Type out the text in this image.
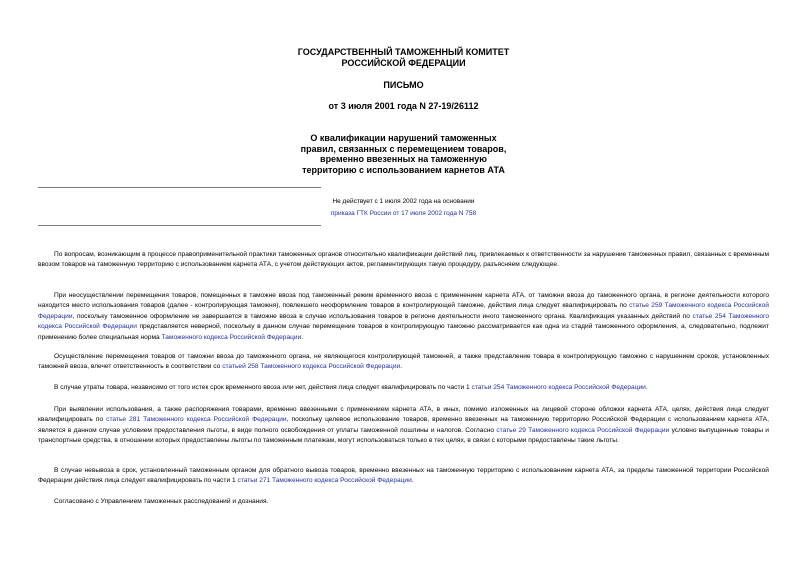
ГОСУДАРСТВЕННЫЙ ТАМОЖЕННЫЙ КОМИТЕТ
РОССИЙСКОЙ ФЕДЕРАЦИИ
ПИСЬМО
от 3 июля 2001 года N 27-19/26112
О квалификации нарушений таможенных
правил, связанных с перемещением товаров,
временно ввезенных на таможенную
территорию с использованием карнетов АТА
Не действует с 1 июля 2002 года на основании
приказа ГТК России от 17 июля 2002 года N 758
По вопросам, возникающим в процессе правоприменительной практики таможенных органов относительно квалификации действий лиц, привлекаемых к ответственности за нарушение таможенных правил, связанных с временным ввозом товаров на таможенную территорию с использованием карнета АТА, с учетом действующих актов, регламентирующих такую процедуру, разъясняем следующее.
При неосуществлении перемещения товаров, помещенных в таможне ввоза под таможенный режим временного ввоза с применением карнета АТА, от таможни ввоза до таможенного органа, в регионе деятельности которого находится место использования товаров (далее - контролирующая таможня), повлекшего неоформление товаров в контролирующей таможне, действия лица следует квалифицировать по статье 259 Таможенного кодекса Российской Федерации, поскольку таможенное оформление не завершается в таможне ввоза в случае использования товаров в регионе деятельности иного таможенного органа. Квалификация указанных действий по статье 254 Таможенного кодекса Российской Федерации представляется неверной, поскольку в данном случае перемещение товаров в контролирующую таможню рассматривается как одна из стадий таможенного оформления, а, следовательно, подлежит применению более специальная норма Таможенного кодекса Российской Федерации.
Осуществление перемещения товаров от таможни ввоза до таможенного органа, не являющегося контролирующей таможней, а также представление товара в контролирующую таможню с нарушением сроков, установленных таможней ввоза, влечет ответственность в соответствии со статьей 258 Таможенного кодекса Российской Федерации.
В случае утраты товара, независимо от того истек срок временного ввоза или нет, действия лица следует квалифицировать по части 1 статьи 254 Таможенного кодекса Российской Федерации.
При выявлении использования, а также распоряжения товарами, временно ввезенными с применением карнета АТА, в иных, помимо изложенных на лицевой стороне обложки карнета АТА, целях, действия лица следует квалифицировать по статье 281 Таможенного кодекса Российской Федерации, поскольку целевое использование товаров, временно ввезенных на таможенную территорию Российской Федерации с использованием карнета АТА, является в данном случае условием предоставления льготы, в виде полного освобождения от уплаты таможенной пошлины и налогов. Согласно статье 29 Таможенного кодекса Российской Федерации условно выпущенные товары и транспортные средства, в отношении которых предоставлены льготы по таможенным платежам, могут использоваться только в тех целях, в связи с которыми предоставлены такие льготы.
В случае невывоза в срок, установленный таможенным органом для обратного вывоза товаров, временно ввезенных на таможенную территорию с использованием карнета АТА, за пределы таможенной территории Российской Федерации действия лица следует квалифицировать по части 1 статьи 271 Таможенного кодекса Российской Федерации.
Согласовано с Управлением таможенных расследований и дознания.
